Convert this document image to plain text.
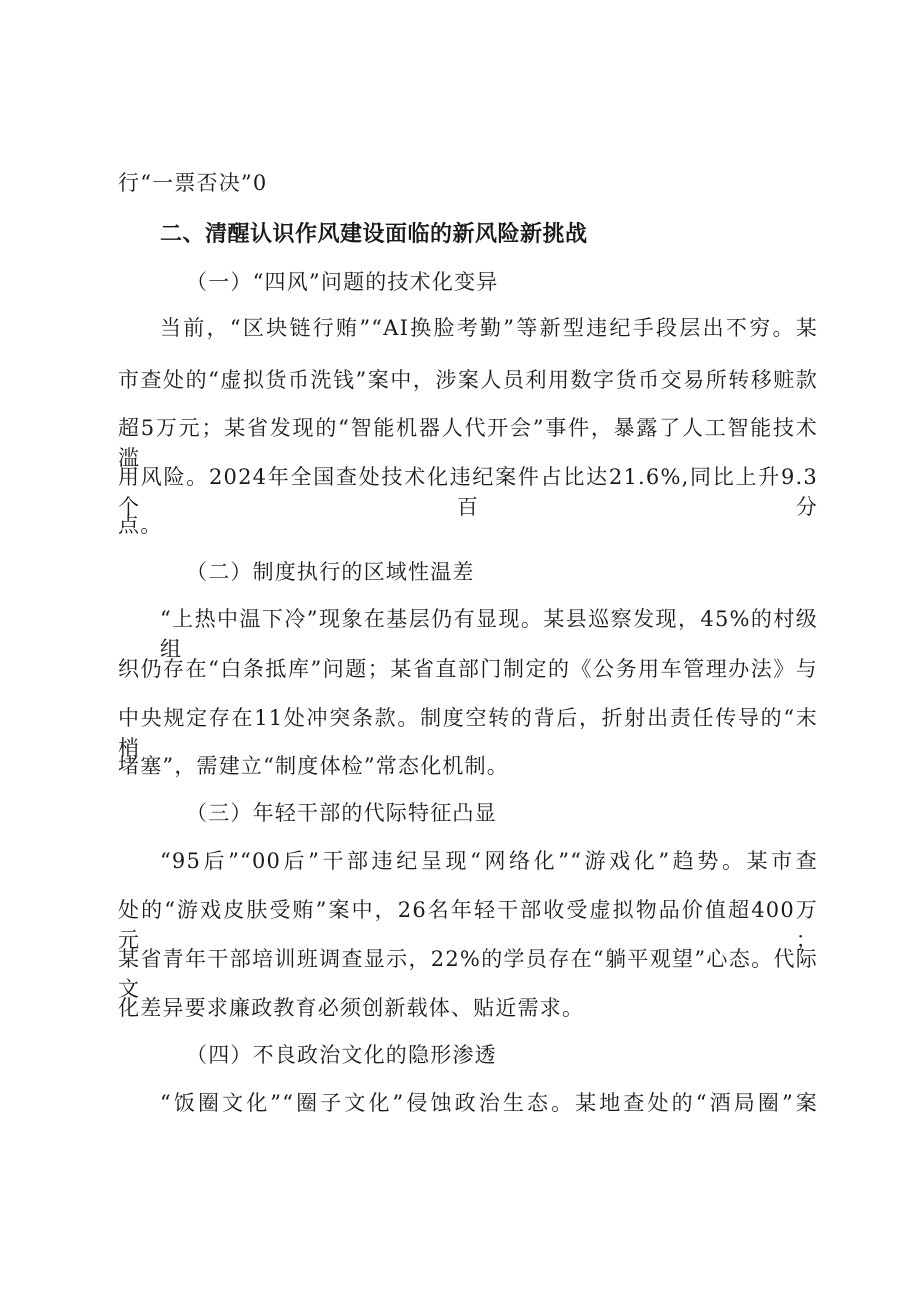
行“一票否决”0
二、清醒认识作风建设面临的新风险新挑战
（一）“四风”问题的技术化变异
当前，“区块链行贿”“AI换脸考勤”等新型违纪手段层出不穷。某
市查处的“虚拟货币洗钱”案中，涉案人员利用数字货币交易所转移赃款
超5万元；某省发现的“智能机器人代开会”事件，暴露了人工智能技术滥
用风险。2024年全国查处技术化违纪案件占比达21.6%,同比上升9.3个百分
点。
（二）制度执行的区域性温差
“上热中温下冷”现象在基层仍有显现。某县巡察发现，45%的村级组
织仍存在“白条抵库”问题；某省直部门制定的《公务用车管理办法》与
中央规定存在11处冲突条款。制度空转的背后，折射出责任传导的“末梢
堵塞”，需建立“制度体检”常态化机制。
（三）年轻干部的代际特征凸显
“95后”“00后”干部违纪呈现“网络化”“游戏化”趋势。某市查
处的“游戏皮肤受贿”案中，26名年轻干部收受虚拟物品价值超400万元；
某省青年干部培训班调查显示，22%的学员存在“躺平观望”心态。代际文
化差异要求廉政教育必须创新载体、贴近需求。
（四）不良政治文化的隐形渗透
“饭圈文化”“圈子文化”侵蚀政治生态。某地查处的“酒局圈”案
